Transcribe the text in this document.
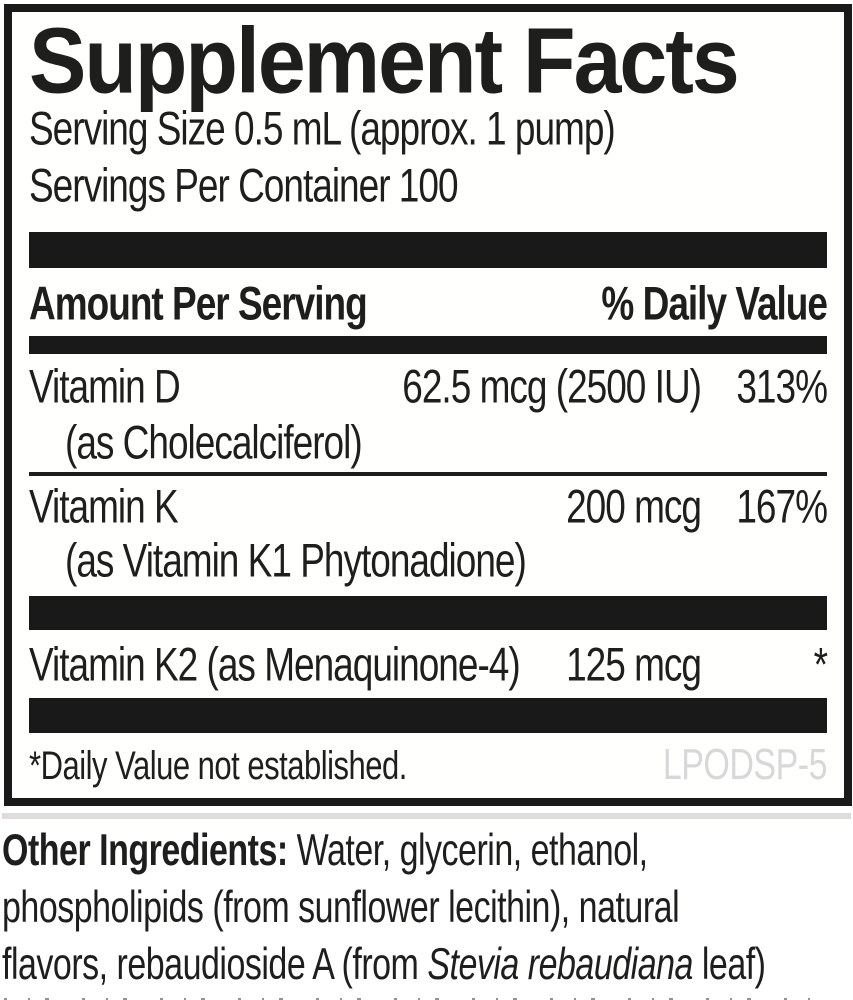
Supplement Facts
Serving Size 0.5 mL (approx. 1 pump)
Servings Per Container 100
Amount Per Serving	% Daily Value
Vitamin D	62.5 mcg (2500 IU) 313%
(as Cholecalciferol)
Vitamin K	200 mcg 167%
(as Vitamin K1 Phytonadione)
Vitamin K2 (as Menaquinone-4)	125 mcg	*
*Daily Value not established.	LPODSP-5
Other Ingredients: Water, glycerin, ethanol,
phospholipids (from sunflower lecithin), natural
flavors, rebaudioside A (from Stevia rebaudiana leaf)
